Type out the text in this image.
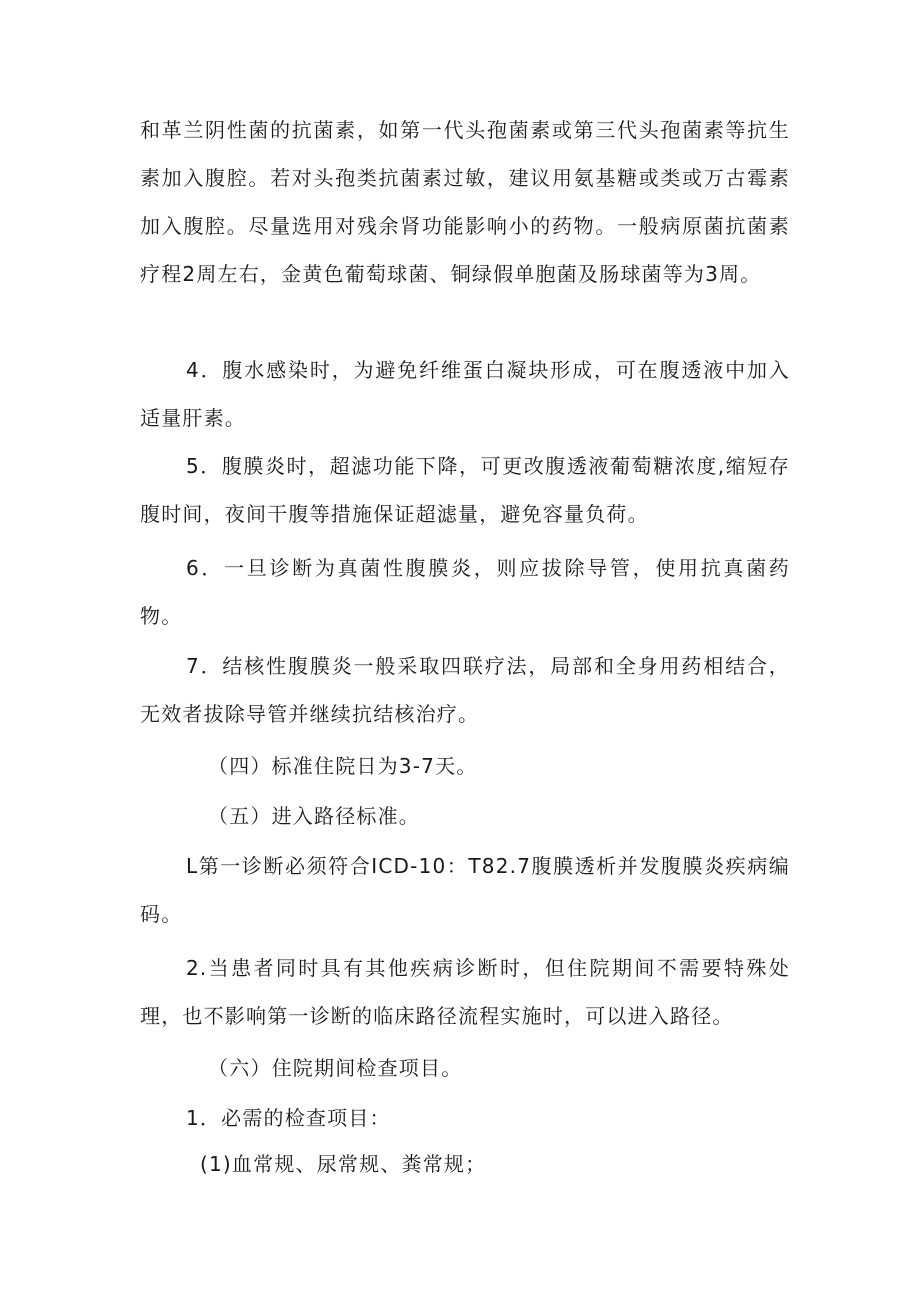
和革兰阴性菌的抗菌素，如第一代头孢菌素或第三代头孢菌素等抗生素加入腹腔。若对头孢类抗菌素过敏，建议用氨基糖或类或万古霉素加入腹腔。尽量选用对残余肾功能影响小的药物。一般病原菌抗菌素疗程2周左右，金黄色葡萄球菌、铜绿假单胞菌及肠球菌等为3周。

4．腹水感染时，为避免纤维蛋白凝块形成，可在腹透液中加入适量肝素。

5．腹膜炎时，超滤功能下降，可更改腹透液葡萄糖浓度,缩短存腹时间，夜间干腹等措施保证超滤量，避免容量负荷。

6．一旦诊断为真菌性腹膜炎，则应拔除导管，使用抗真菌药物。

7．结核性腹膜炎一般采取四联疗法，局部和全身用药相结合，无效者拔除导管并继续抗结核治疗。

（四）标准住院日为3-7天。

（五）进入路径标准。

L第一诊断必须符合ICD-10：T82.7腹膜透析并发腹膜炎疾病编码。

2.当患者同时具有其他疾病诊断时，但住院期间不需要特殊处理，也不影响第一诊断的临床路径流程实施时，可以进入路径。

（六）住院期间检查项目。

1．必需的检查项目：

(1)血常规、尿常规、粪常规；
